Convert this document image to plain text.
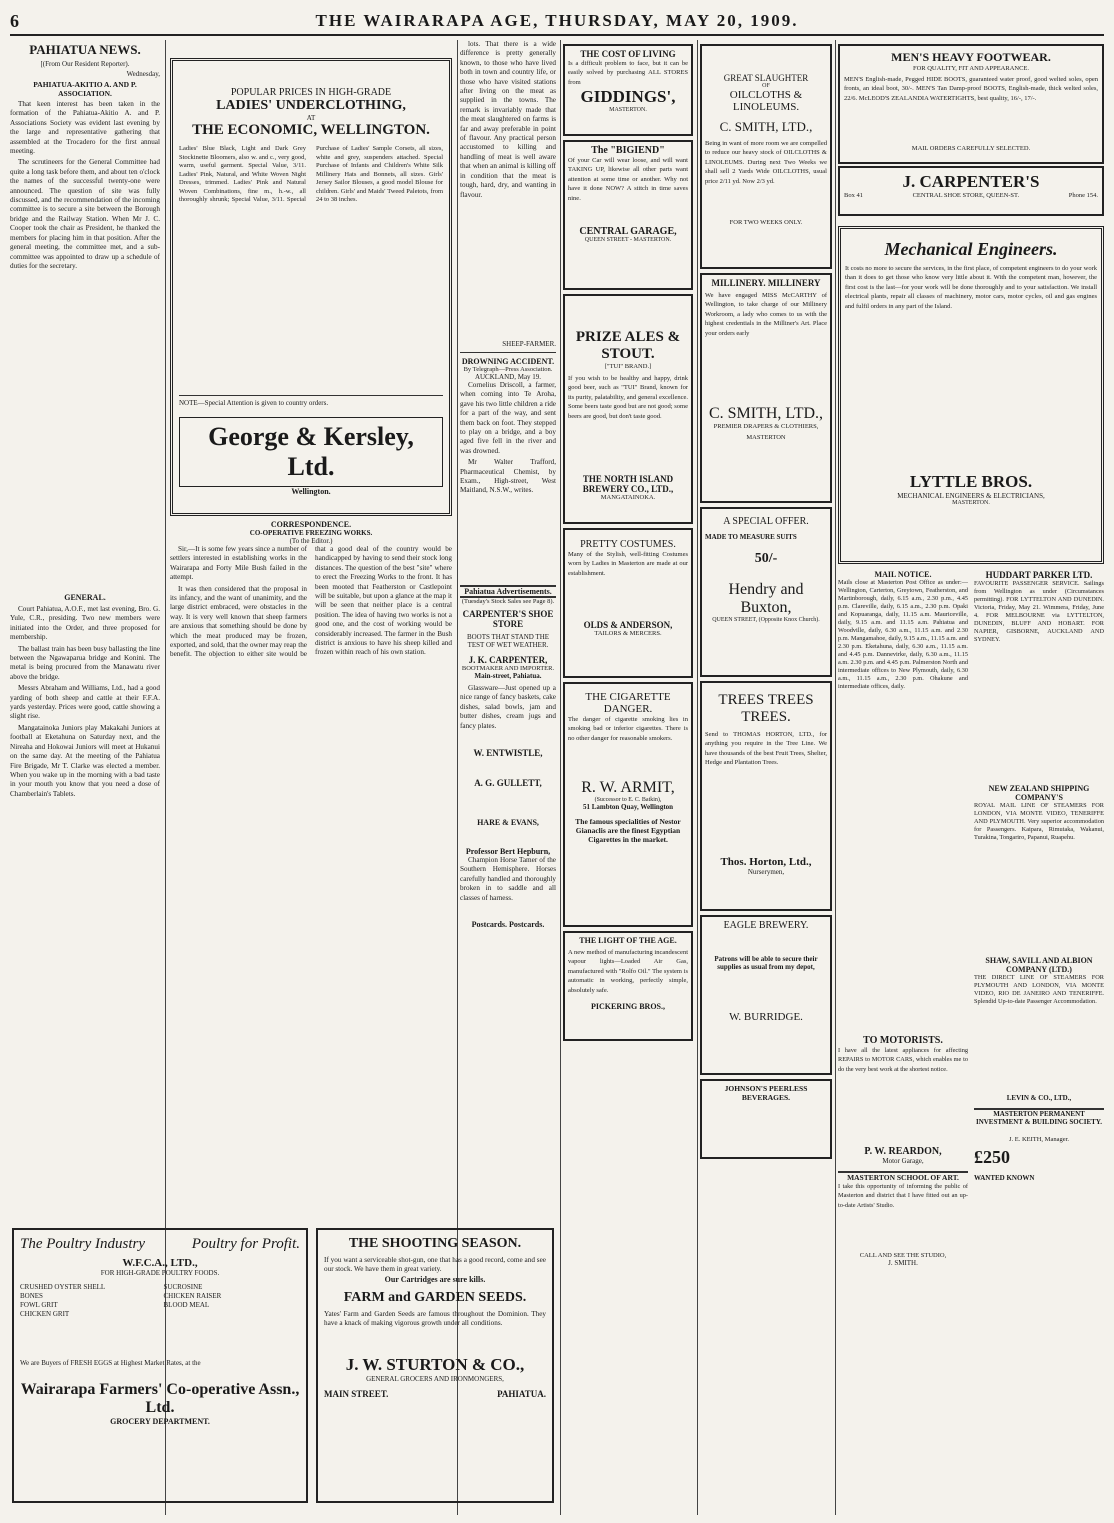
6	THE WAIRARAPA AGE, THURSDAY, MAY 20, 1909.
PAHIATUA NEWS.
[(From Our Resident Reporter).
Wednesday,
PAHIATUA-AKITIO A. AND P. ASSOCIATION.

That keen interest has been taken in the formation of the Pahiatua-Akitio A. and P. Associations Society was evident last evening by the large and representative gathering that assembled at the Trocadero for the first annual meeting.

The scrutineers for the General Committee had quite a long task before them, and about ten o'clock the names of the successful twenty-one were announced. The question of site was fully discussed, and the recommendation of the incoming committee is to secure a site between the Borough bridge and the Railway Station. When Mr J. C. Cooper took the chair as President, he thanked the members for placing him in that position. After the general meeting, the committee met, and a sub-committee was appointed to draw up a schedule of duties for the secretary.

GENERAL.

Court Pahiatua, A.O.F., met last evening, Bro. G. Yule, C.R., presiding. Two new members were initiated into the Order, and three proposed for membership.

The ballast train has been busy ballasting the line between the Ngawaparua bridge and Konini. The metal is being procured from the Manawatu river above the bridge.

Messrs Abraham and Williams, Ltd., had a good yarding of both sheep and cattle at their F.F.A. yards yesterday. Prices were good, cattle showing a slight rise.

Mangatainoka Juniors play Makakahi Juniors at football at Eketahuna on Saturday next, and the Nireaha and Hokowai Juniors will meet at Hukanui on the same day. At the meeting of the Pahiatua Fire Brigade, Mr T. Clarke was elected a member. When you wake up in the morning with a bad taste in your mouth you know that you need a dose of Chamberlain's Tablets.

The Poultry Industry	Poultry for Profit.
W.F.C.A., LTD.,
FOR HIGH-GRADE POULTRY FOODS.
CRUSHED OYSTER SHELL
BONES
FOWL GRIT
CHICKEN GRIT
SUCROSINE
CHICKEN RAISER
BLOOD MEAL
We are Buyers of FRESH EGGS at Highest Market Rates, at the
Wairarapa Farmers' Co-operative Assn., Ltd.
GROCERY DEPARTMENT.
POPULAR PRICES IN HIGH-GRADE
LADIES' UNDERCLOTHING,
AT
THE ECONOMIC, WELLINGTON.
Ladies' Blue Black, Light and Dark Grey Stockinette Bloomers, also w. and c., very good, warm, useful garment. Special Value, 3/11. Ladies' Pink, Natural, and White Woven Night Dresses, trimmed. Ladies' Pink and Natural Woven Combinations, fine m., h.-w., all thoroughly shrunk; Special Value, 3/11. Special Purchase of Ladies' Sample Corsets, all sizes, white and grey, suspenders attached. Special Purchase of Infants and Children's White Silk Millinery Hats and Bonnets, all sizes. Girls' Jersey Sailor Blouses, a good model Blouse for children. Girls' and Maids' Tweed Paletots, from 24 to 38 inches.
NOTE—Special Attention is given to country orders.
George & Kersley, Ltd.
Wellington.
CORRESPONDENCE.
CO-OPERATIVE FREEZING WORKS.
(To the Editor.)

Sir,—It is some few years since a number of settlers interested in establishing works in the Wairarapa and Forty Mile Bush failed in the attempt.

It was then considered that the proposal in its infancy, and the want of unanimity, and the large district embraced, were obstacles in the way. It is very well known that sheep farmers are anxious that something should be done by which the meat produced may be frozen, exported, and sold, that the owner may reap the benefit. The objection to either site would be that a good deal of the country would be handicapped by having to send their stock long distances. The question of the best "site" where to erect the Freezing Works to the front. It has been mooted that Featherston or Castlepoint will be suitable, but upon a glance at the map it will be seen that neither place is a central position. The idea of having two works is not a good one, and the cost of working would be considerably increased. The farmer in the Bush district is anxious to have his sheep killed and frozen within reach of his own station.

THE SHOOTING SEASON.
If you want a serviceable shot-gun, one that has a good record, come and see our stock. We have them in great variety.
Our Cartridges are sure kills.
FARM and GARDEN SEEDS.
Yates' Farm and Garden Seeds are famous throughout the Dominion. They have a knack of making vigorous growth under all conditions.
J. W. STURTON & CO.,
GENERAL GROCERS AND IRONMONGERS,
MAIN STREET.	PAHIATUA.

lots. That there is a wide difference is pretty generally known, to those who have lived both in town and country life, or those who have visited stations after living on the meat as supplied in the towns. The remark is invariably made that the meat slaughtered on farms is far and away preferable in point of flavour. Any practical person accustomed to killing and handling of meat is well aware that when an animal is killing off in condition that the meat is tough, hard, dry, and wanting in flavour.

SHEEP-FARMER.
DROWNING ACCIDENT.
By Telegraph—Press Association.
AUCKLAND, May 19.

Cornelius Driscoll, a farmer, when coming into Te Aroha, gave his two little children a ride for a part of the way, and sent them back on foot. They stepped to play on a bridge, and a boy aged five fell in the river and was drowned.

Mr Walter Trafford, Pharmaceutical Chemist, by Exam., High-street, West Maitland, N.S.W., writes.

Pahiatua Advertisements.
(Tuesday's Stock Sales see Page 8).
CARPENTER'S SHOE STORE
BOOTS THAT STAND THE TEST OF WET WEATHER.
J. K. CARPENTER,
BOOTMAKER AND IMPORTER.
Main-street, Pahiatua.

Glassware—Just opened up a nice range of fancy baskets, cake dishes, salad bowls, jam and butter dishes, cream jugs and fancy plates.

W. ENTWISTLE,
A. G. GULLETT,
HARE & EVANS,
Professor Bert Hepburn,

Champion Horse Tamer of the Southern Hemisphere. Horses carefully handled and thoroughly broken in to saddle and all classes of harness.

Postcards. Postcards.
THE COST OF LIVING
Is a difficult problem to face, but it can be easily solved by purchasing ALL STORES from
GIDDINGS',
MASTERTON.
The "BIGIEND"
Of your Car will wear loose, and will want TAKING UP, likewise all other parts want attention at some time or another. Why not have it done NOW? A stitch in time saves nine.
CENTRAL GARAGE,
QUEEN STREET - MASTERTON.
PRIZE ALES & STOUT.
["TUI" BRAND.]
If you wish to be healthy and happy, drink good beer, such as "TUI" Brand, known for its purity, palatability, and general excellence. Some beers taste good but are not good; some beers are good, but don't taste good.
THE NORTH ISLAND BREWERY CO., LTD.,
MANGATAINOKA.
PRETTY COSTUMES.
Many of the Stylish, well-fitting Costumes worn by Ladies in Masterton are made at our establishment.
OLDS & ANDERSON,
TAILORS & MERCERS.
THE CIGARETTE DANGER.
The danger of cigarette smoking lies in smoking bad or inferior cigarettes. There is no other danger for reasonable smokers.
R. W. ARMIT,
(Successor to E. C. Batkin),
51 Lambton Quay, Wellington
The famous specialities of Nestor Gianaclis are the finest Egyptian Cigarettes in the market.
THE LIGHT OF THE AGE.
A new method of manufacturing incandescent vapour lights—Loaded Air Gas, manufactured with "Rolfo Oil." The system is automatic in working, perfectly simple, absolutely safe.
PICKERING BROS.,
GREAT SLAUGHTER
OF
OILCLOTHS & LINOLEUMS.
C. SMITH, LTD.,
Being in want of more room we are compelled to reduce our heavy stock of OILCLOTHS & LINOLEUMS. During next Two Weeks we shall sell 2 Yards Wide OILCLOTHS, usual price 2/11 yd. Now 2/3 yd.
FOR TWO WEEKS ONLY.
MILLINERY. MILLINERY
We have engaged MISS McCARTHY of Wellington, to take charge of our Millinery Workroom, a lady who comes to us with the highest credentials in the Milliner's Art. Place your orders early
C. SMITH, LTD.,
PREMIER DRAPERS & CLOTHIERS,
MASTERTON
A SPECIAL OFFER.
MADE TO MEASURE SUITS
50/-
Hendry and Buxton,
QUEEN STREET, (Opposite Knox Church).
TREES TREES TREES.
Send to THOMAS HORTON, LTD., for anything you require in the Tree Line. We have thousands of the best Fruit Trees, Shelter, Hedge and Plantation Trees.
Thos. Horton, Ltd.,
Nurserymen,
EAGLE BREWERY.
Patrons will be able to secure their supplies as usual from my depot,
W. BURRIDGE.
JOHNSON'S PEERLESS BEVERAGES.
MEN'S HEAVY FOOTWEAR.
FOR QUALITY, FIT AND APPEARANCE.
MEN'S English-made, Pegged HIDE BOOTS, guaranteed water proof, good welted soles, open fronts, an ideal boot, 30/-. MEN'S Tan Damp-proof BOOTS, English-made, thick welted soles, 22/6. McLEOD'S ZEALANDIA WATERTIGHTS, best quality, 16/-, 17/-.
MAIL ORDERS CAREFULLY SELECTED.
J. CARPENTER'S
Box 41	CENTRAL SHOE STORE, QUEEN-ST.	Phone 154.
Mechanical Engineers.
It costs no more to secure the services, in the first place, of competent engineers to do your work than it does to get those who know very little about it. With the competent man, however, the first cost is the last—for your work will be done thoroughly and to your satisfaction. We install electrical plants, repair all classes of machinery, motor cars, motor cycles, oil and gas engines and fulfil orders in any part of the Island.
LYTTLE BROS.
MECHANICAL ENGINEERS & ELECTRICIANS,
MASTERTON.
MAIL NOTICE.
Mails close at Masterton Post Office as under:— Wellington, Carterton, Greytown, Featherston, and Martinborough, daily, 6.15 a.m., 2.30 p.m., 4.45 p.m. Clareville, daily, 6.15 a.m., 2.30 p.m. Opaki and Kopuaranga, daily, 11.15 a.m. Mauriceville, daily, 9.15 a.m. and 11.15 a.m. Pahiatua and Woodville, daily, 6.30 a.m., 11.15 a.m. and 2.30 p.m. Mangamahoe, daily, 9.15 a.m., 11.15 a.m. and 2.30 p.m. Eketahuna, daily, 6.30 a.m., 11.15 a.m. and 4.45 p.m. Dannevirke, daily, 6.30 a.m., 11.15 a.m. 2.30 p.m. and 4.45 p.m. Palmerston North and intermediate offices to New Plymouth, daily, 6.30 a.m., 11.15 a.m., 2.30 p.m. Ohakune and intermediate offices, daily.
TO MOTORISTS.
I have all the latest appliances for affecting REPAIRS to MOTOR CARS, which enables me to do the very best work at the shortest notice.
P. W. REARDON,
Motor Garage,
MASTERTON SCHOOL OF ART.
I take this opportunity of informing the public of Masterton and district that I have fitted out an up-to-date Artists' Studio.
CALL AND SEE THE STUDIO,
J. SMITH.
HUDDART PARKER LTD.
FAVOURITE PASSENGER SERVICE. Sailings from Wellington as under (Circumstances permitting). FOR LYTTELTON AND DUNEDIN. Victoria, Friday, May 21. Wimmera, Friday, June 4. FOR MELBOURNE via LYTTELTON, DUNEDIN, BLUFF AND HOBART. FOR NAPIER, GISBORNE, AUCKLAND AND SYDNEY.
NEW ZEALAND SHIPPING COMPANY'S
ROYAL MAIL LINE OF STEAMERS FOR LONDON, VIA MONTE VIDEO, TENERIFFE AND PLYMOUTH. Very superior accommodation for Passengers. Kaipara, Rimutaka, Wakanui, Turakina, Tongariro, Papanui, Ruapehu.
SHAW, SAVILL AND ALBION COMPANY (LTD.)
THE DIRECT LINE OF STEAMERS FOR PLYMOUTH AND LONDON, VIA MONTE VIDEO, RIO DE JANEIRO AND TENERIFFE. Splendid Up-to-date Passenger Accommodation.
LEVIN & CO., LTD.,
MASTERTON PERMANENT INVESTMENT & BUILDING SOCIETY.
J. E. KEITH, Manager.
£250
WANTED KNOWN
